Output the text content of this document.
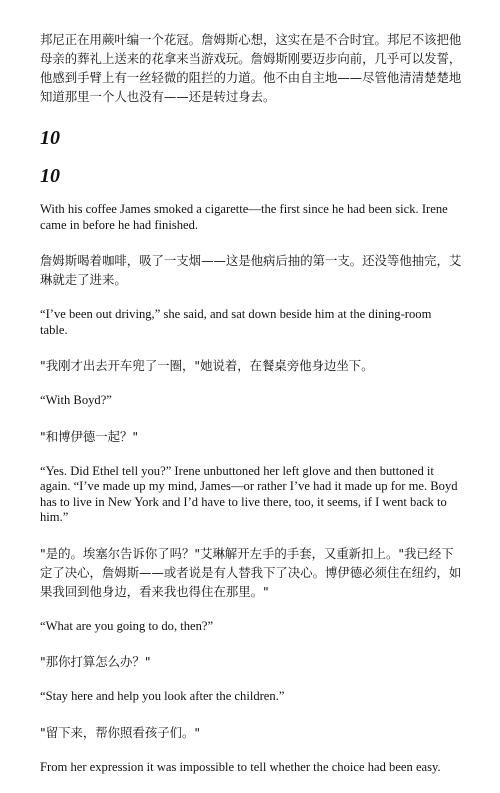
邦尼正在用蕨叶编一个花冠。詹姆斯心想，这实在是不合时宜。邦尼不该把他母亲的葬礼上送来的花拿来当游戏玩。詹姆斯刚要迈步向前，几乎可以发誓，他感到手臂上有一丝轻微的阻拦的力道。他不由自主地——尽管他清清楚楚地知道那里一个人也没有——还是转过身去。

10
10

With his coffee James smoked a cigarette—the first since he had been sick. Irene came in before he had finished.

詹姆斯喝着咖啡，吸了一支烟——这是他病后抽的第一支。还没等他抽完，艾琳就走了进来。

“I’ve been out driving,” she said, and sat down beside him at the dining-room table.

"我刚才出去开车兜了一圈，"她说着，在餐桌旁他身边坐下。

“With Boyd?”

"和博伊德一起？"

“Yes. Did Ethel tell you?” Irene unbuttoned her left glove and then buttoned it again. “I’ve made up my mind, James—or rather I’ve had it made up for me. Boyd has to live in New York and I’d have to live there, too, it seems, if I went back to him.”

"是的。埃塞尔告诉你了吗？"艾琳解开左手的手套，又重新扣上。"我已经下定了决心，詹姆斯——或者说是有人替我下了决心。博伊德必须住在纽约，如果我回到他身边，看来我也得住在那里。"

“What are you going to do, then?”

"那你打算怎么办？"

“Stay here and help you look after the children.”

"留下来，帮你照看孩子们。"

From her expression it was impossible to tell whether the choice had been easy.
